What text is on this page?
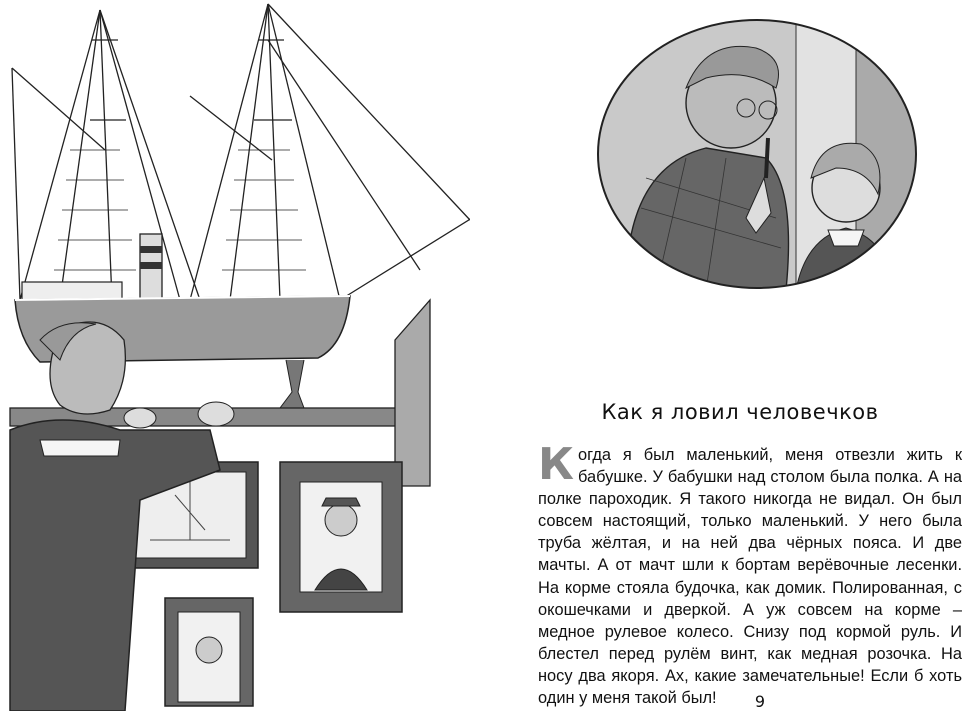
Как я ловил человечков

Когда я был маленький, меня отвезли жить к бабушке. У бабушки над столом была полка. А на полке пароходик. Я такого никогда не видал. Он был совсем настоящий, только маленький. У него была труба жёлтая, и на ней два чёрных пояса. И две мачты. А от мачт шли к бортам верёвочные лесенки. На корме стояла будочка, как домик. Полированная, с окошечками и дверкой. А уж совсем на корме – медное рулевое колесо. Снизу под кормой руль. И блестел перед рулём винт, как медная розочка. На носу два якоря. Ах, какие замечательные! Если б хоть один у меня такой был!	9
